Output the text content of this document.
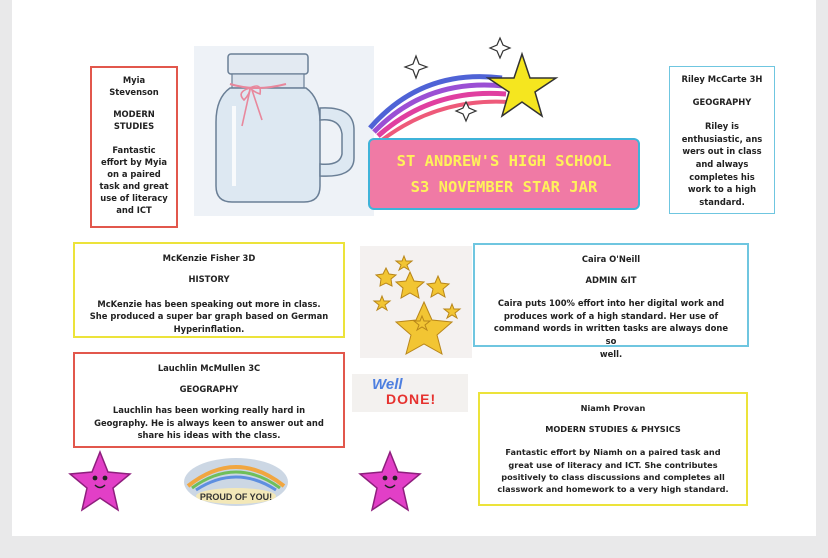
ST ANDREW'S HIGH SCHOOL
S3 NOVEMBER STAR JAR
Myia
Stevenson
MODERN
STUDIES
Fantastic
effort by Myia
on a paired
task and great
use of literacy
and ICT
Riley McCarte 3H
GEOGRAPHY
Riley is
enthusiastic, ans
wers out in class
and always
completes his
work to a high
standard.
McKenzie Fisher 3D
HISTORY
McKenzie has been speaking out more in class.
She produced a super bar graph based on German
Hyperinflation.
Caira O'Neill
ADMIN &IT
Caira puts 100% effort into her digital work and
produces work of a high standard. Her use of
command words in written tasks are always done so
well.
Lauchlin McMullen 3C
GEOGRAPHY
Lauchlin has been working really hard in
Geography. He is always keen to answer out and
share his ideas with the class.
Niamh Provan
MODERN STUDIES & PHYSICS
Fantastic effort by Niamh on a paired task and
great use of literacy and ICT. She contributes
positively to class discussions and completes all
classwork and homework to a very high standard.
Well
DONE!
PROUD OF YOU!
